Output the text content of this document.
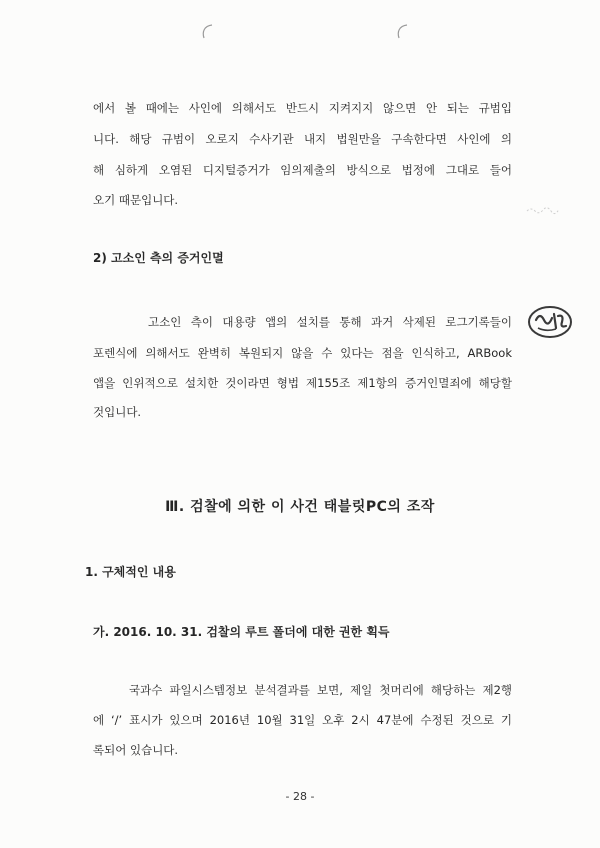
에서 볼 때에는 사인에 의해서도 반드시 지켜지지 않으면 안 되는 규범입
니다. 해당 규범이 오로지 수사기관 내지 법원만을 구속한다면 사인에 의
해 심하게 오염된 디지털증거가 임의제출의 방식으로 법정에 그대로 들어
오기 때문입니다.
2) 고소인 측의 증거인멸
고소인 측이 대용량 앱의 설치를 통해 과거 삭제된 로그기록들이
포렌식에 의해서도 완벽히 복원되지 않을 수 있다는 점을 인식하고, ARBook
앱을 인위적으로 설치한 것이라면 형법 제155조 제1항의 증거인멸죄에 해당할
것입니다.
Ⅲ. 검찰에 의한 이 사건 태블릿PC의 조작
1. 구체적인 내용
가. 2016. 10. 31. 검찰의 루트 폴더에 대한 권한 획득
국과수 파일시스템정보 분석결과를 보면, 제일 첫머리에 해당하는 제2행
에 ‘/’ 표시가 있으며 2016년 10월 31일 오후 2시 47분에 수정된 것으로 기
록되어 있습니다.
- 28 -
